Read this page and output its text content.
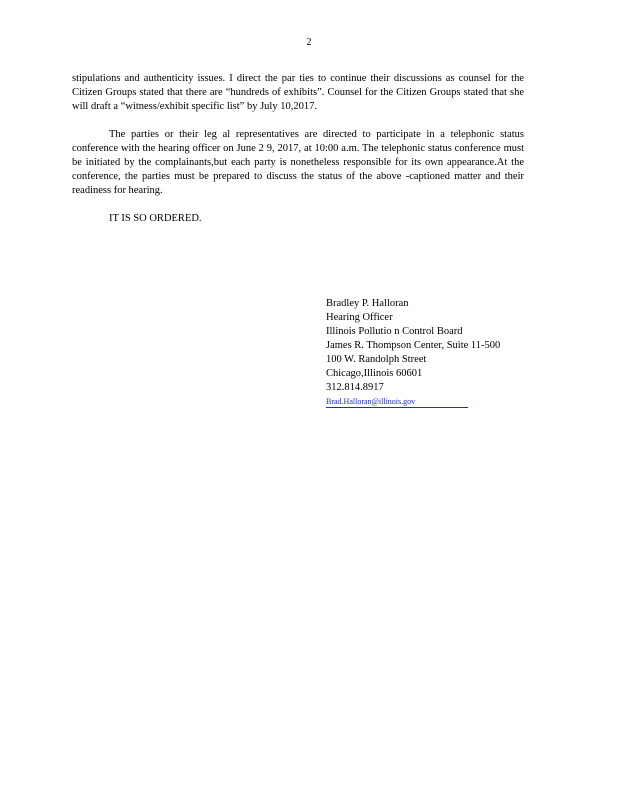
2

stipulations and authenticity issues. I direct the par ties to continue their discussions as counsel for the Citizen Groups stated that there are “hundreds of exhibits”. Counsel for the Citizen Groups stated that she will draft a “witness/exhibit specific list” by July 10,2017.

The parties or their leg al representatives are directed to participate in a telephonic status conference with the hearing officer on June 2 9, 2017, at 10:00 a.m. The telephonic status conference must be initiated by the complainants,but each party is nonetheless responsible for its own appearance.At the conference, the parties must be prepared to discuss the status of the above -captioned matter and their readiness for hearing.

IT IS SO ORDERED.
Bradley P. Halloran
Hearing Officer
Illinois Pollutio n Control Board
James R. Thompson Center, Suite 11-500
100 W. Randolph Street
Chicago,Illinois 60601
312.814.8917
Brad.Halloran@illinois.gov
